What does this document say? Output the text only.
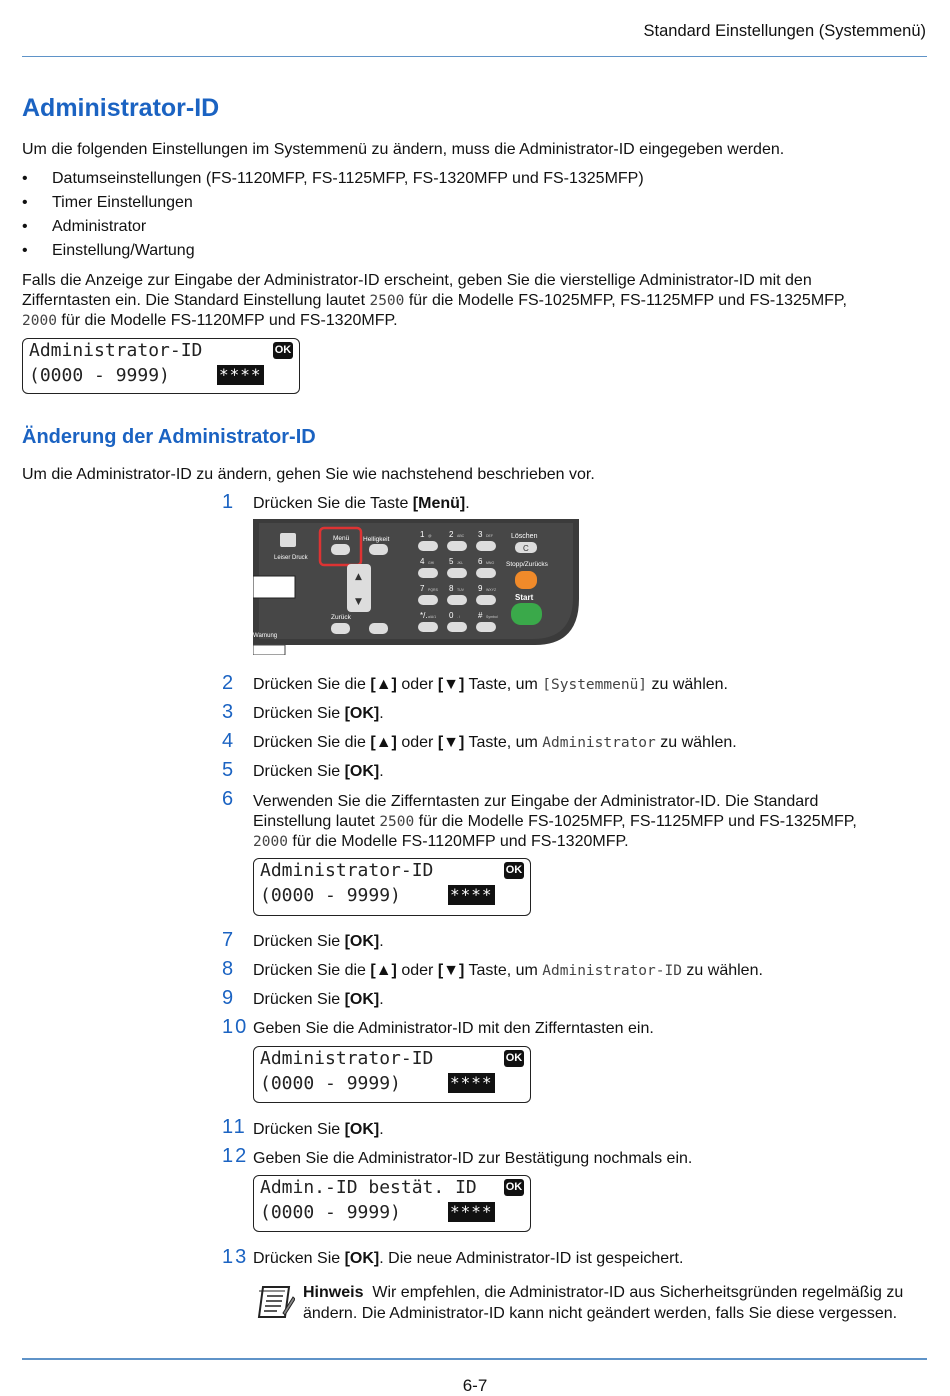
Standard Einstellungen (Systemmenü)
Administrator-ID
Um die folgenden Einstellungen im Systemmenü zu ändern, muss die Administrator-ID eingegeben werden.
• Datumseinstellungen (FS-1120MFP, FS-1125MFP, FS-1320MFP und FS-1325MFP)
• Timer Einstellungen
• Administrator
• Einstellung/Wartung
Falls die Anzeige zur Eingabe der Administrator-ID erscheint, geben Sie die vierstellige Administrator-ID mit den
Zifferntasten ein. Die Standard Einstellung lautet 2500 für die Modelle FS-1025MFP, FS-1125MFP und FS-1325MFP,
2000 für die Modelle FS-1120MFP und FS-1320MFP.
Administrator-ID
(0000 - 9999)
OK
****
Änderung der Administrator-ID
Um die Administrator-ID zu ändern, gehen Sie wie nachstehend beschrieben vor.
1 Drücken Sie die Taste [Menü].
Leiser Druck
Menü Helligkeit
▲
▼
Zurück
Warnung
1 @ 2 ABC 3 DEF
4 GHI 5 JKL 6 MNO
7 PQRS 8 TUV 9 WXYZ
*/. a/A/1 0 . / # Symbol
Löschen
C
Stopp/Zurücks
Start
2 Drücken Sie die [▲] oder [▼] Taste, um [Systemmenü] zu wählen.
3 Drücken Sie [OK].
4 Drücken Sie die [▲] oder [▼] Taste, um Administrator zu wählen.
5 Drücken Sie [OK].
6 Verwenden Sie die Zifferntasten zur Eingabe der Administrator-ID. Die Standard
Einstellung lautet 2500 für die Modelle FS-1025MFP, FS-1125MFP und FS-1325MFP,
2000 für die Modelle FS-1120MFP und FS-1320MFP.
Administrator-ID
(0000 - 9999)
OK
****
7 Drücken Sie [OK].
8 Drücken Sie die [▲] oder [▼] Taste, um Administrator-ID zu wählen.
9 Drücken Sie [OK].
10 Geben Sie die Administrator-ID mit den Zifferntasten ein.
Administrator-ID
(0000 - 9999)
OK
****
11 Drücken Sie [OK].
12 Geben Sie die Administrator-ID zur Bestätigung nochmals ein.
Admin.-ID bestät. ID
(0000 - 9999)
OK
****
13 Drücken Sie [OK]. Die neue Administrator-ID ist gespeichert.
Hinweis Wir empfehlen, die Administrator-ID aus Sicherheitsgründen regelmäßig zu
ändern. Die Administrator-ID kann nicht geändert werden, falls Sie diese vergessen.
6-7
